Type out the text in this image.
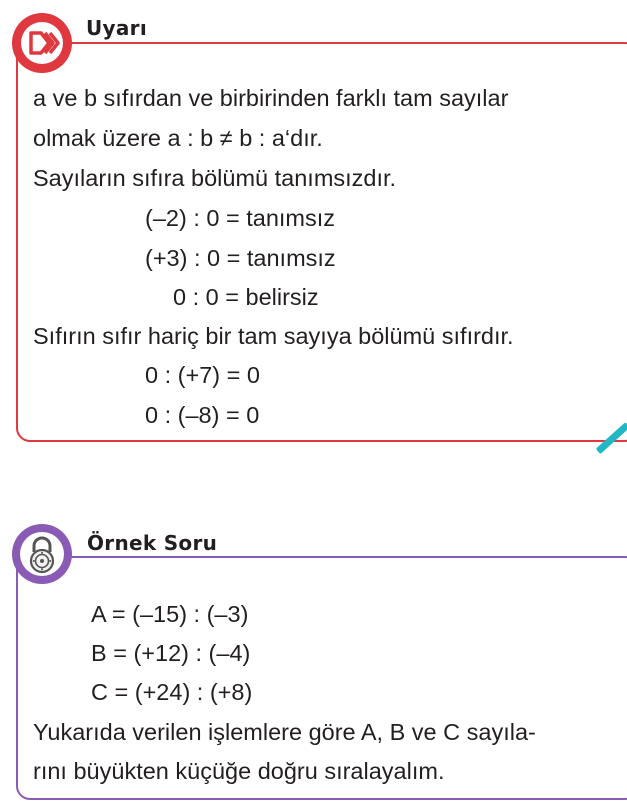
Uyarı
a ve b sıfırdan ve birbirinden farklı tam sayılar
olmak üzere a : b ≠ b : a‘dır.
Sayıların sıfıra bölümü tanımsızdır.
(–2) : 0 = tanımsız
(+3) : 0 = tanımsız
0 : 0 = belirsiz
Sıfırın sıfır hariç bir tam sayıya bölümü sıfırdır.
0 : (+7) = 0
0 : (–8) = 0
Örnek Soru
A = (–15) : (–3)
B = (+12) : (–4)
C = (+24) : (+8)
Yukarıda verilen işlemlere göre A, B ve C sayıla-
rını büyükten küçüğe doğru sıralayalım.
